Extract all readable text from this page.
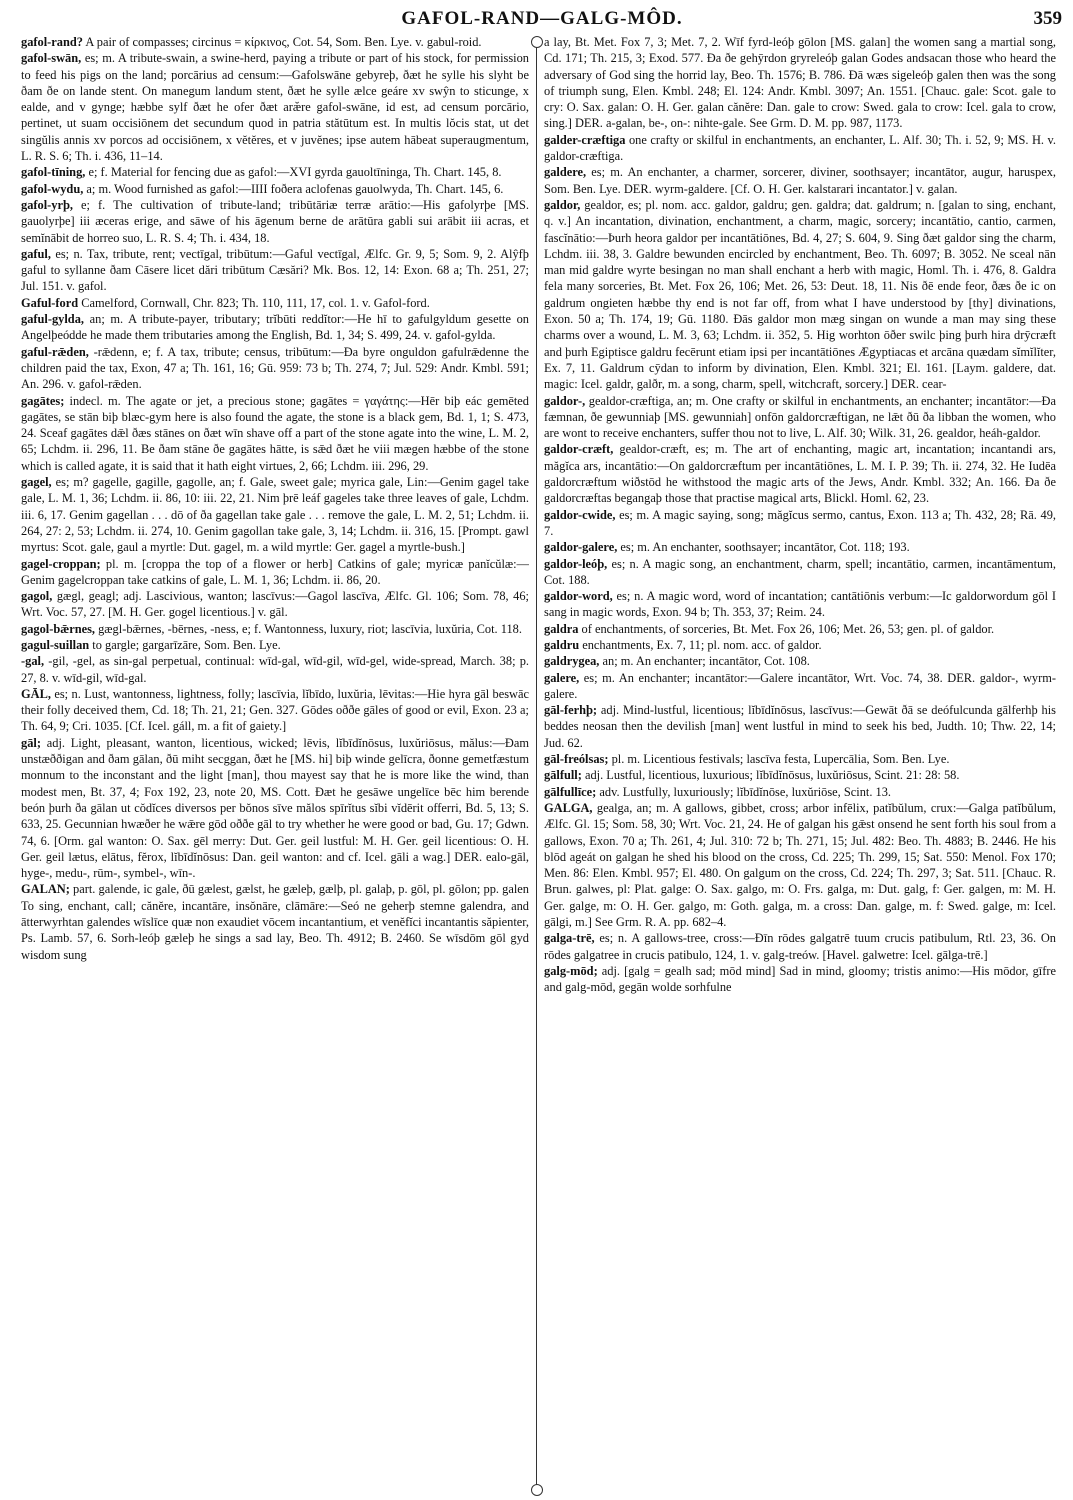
GAFOL-RAND—GALG-MÔD.	359

gafol-rand? A pair of compasses; circinus = κίρκινος, Cot. 54, Som. Ben. Lye. v. gabul-roid.

gafol-swān, es; m. A tribute-swain, a swine-herd, paying a tribute or part of his stock, for permission to feed his pigs on the land; porcārius ad censum:—Gafolswāne gebyreþ, ðæt he sylle his slyht be ðam ðe on lande stent. On manegum landum stent, ðæt he sylle ælce geáre xv swŷn to sticunge, x ealde, and v gynge; hæbbe sylf ðæt he ofer ðæt aræ̆re gafol-swāne, id est, ad censum porcārio, pertinet, ut suam occisiōnem det secundum quod in patria stătūtum est. In multis lŏcis stat, ut det singŭlis annis xv porcos ad occisiōnem, x vĕtĕres, et v juvĕnes; ipse autem hābeat superaugmentum, L. R. S. 6; Th. i. 436, 11–14.

gafol-tīning, e; f. Material for fencing due as gafol:—XVI gyrda gauoltīninga, Th. Chart. 145, 8.

gafol-wydu, a; m. Wood furnished as gafol:—IIII foðera aclofenas gauolwyda, Th. Chart. 145, 6.

gafol-yrþ, e; f. The cultivation of tribute-land; tribūtāriæ terræ arātio:—His gafolyrþe [MS. gauolyrþe] iii æceras erige, and sāwe of his āgenum berne de arātūra gabli sui arābit iii acras, et semĭnābit de horreo suo, L. R. S. 4; Th. i. 434, 18.

gaful, es; n. Tax, tribute, rent; vectīgal, tribūtum:—Gaful vectīgal, Ælfc. Gr. 9, 5; Som. 9, 2. Alŷfþ gaful to syllanne ðam Cāsere licet dări tribūtum Cæsări? Mk. Bos. 12, 14: Exon. 68 a; Th. 251, 27; Jul. 151. v. gafol.

Gaful-ford Camelford, Cornwall, Chr. 823; Th. 110, 111, 17, col. 1. v. Gafol-ford.

gaful-gylda, an; m. A tribute-payer, tributary; trĭbūti reddĭtor:—He hī to gafulgyldum gesette on Angelþeódde he made them tributaries among the English, Bd. 1, 34; S. 499, 24. v. gafol-gylda.

gaful-rǣden, -rǣdenn, e; f. A tax, tribute; census, tribūtum:—Ða byre onguldon gafulrǣdenne the children paid the tax, Exon, 47 a; Th. 161, 16; Gū. 959: 73 b; Th. 274, 7; Jul. 529: Andr. Kmbl. 591; An. 296. v. gafol-rǣden.

gagātes; indecl. m. The agate or jet, a precious stone; gagātes = γαγάτης:—Hēr biþ eác gemēted gagātes, se stān biþ blæc-gym here is also found the agate, the stone is a black gem, Bd. 1, 1; S. 473, 24. Sceaf gagātes dǣl ðæs stānes on ðæt wīn shave off a part of the stone agate into the wine, L. M. 2, 65; Lchdm. ii. 296, 11. Be ðam stāne ðe gagātes hātte, is sǣd ðæt he viii mægen hæbbe of the stone which is called agate, it is said that it hath eight virtues, 2, 66; Lchdm. iii. 296, 29.

gagel, es; m? gagelle, gagille, gagolle, an; f. Gale, sweet gale; myrica gale, Lin:—Genim gagel take gale, L. M. 1, 36; Lchdm. ii. 86, 10: iii. 22, 21. Nim þrē leáf gageles take three leaves of gale, Lchdm. iii. 6, 17. Genim gagellan . . . dō of ða gagellan take gale . . . remove the gale, L. M. 2, 51; Lchdm. ii. 264, 27: 2, 53; Lchdm. ii. 274, 10. Genim gagollan take gale, 3, 14; Lchdm. ii. 316, 15. [Prompt. gawl myrtus: Scot. gale, gaul a myrtle: Dut. gagel, m. a wild myrtle: Ger. gagel a myrtle-bush.]

gagel-croppan; pl. m. [croppa the top of a flower or herb] Catkins of gale; myricæ panĭcŭlæ:—Genim gagelcroppan take catkins of gale, L. M. 1, 36; Lchdm. ii. 86, 20.

gagol, gægl, geagl; adj. Lascivious, wanton; lascīvus:—Gagol lascīva, Ælfc. Gl. 106; Som. 78, 46; Wrt. Voc. 57, 27. [M. H. Ger. gogel licentious.] v. gāl.

gagol-bǣrnes, gægl-bǣrnes, -bērnes, -ness, e; f. Wantonness, luxury, riot; lascīvia, luxŭria, Cot. 118.

gagul-suillan to gargle; gargarīzāre, Som. Ben. Lye.

-gal, -gil, -gel, as sin-gal perpetual, continual: wīd-gal, wīd-gil, wīd-gel, wide-spread, March. 38; p. 27, 8. v. wīd-gil, wīd-gal.

GĀL, es; n. Lust, wantonness, lightness, folly; lascīvia, lĭbīdo, luxŭria, lēvitas:—Hie hyra gāl beswāc their folly deceived them, Cd. 18; Th. 21, 21; Gen. 327. Gōdes oððe gāles of good or evil, Exon. 23 a; Th. 64, 9; Cri. 1035. [Cf. Icel. gáll, m. a fit of gaiety.]

gāl; adj. Light, pleasant, wanton, licentious, wicked; lēvis, lĭbīdĭnōsus, luxŭriōsus, mălus:—Ðam unstæððigan and ðam gālan, ðū miht secggan, ðæt he [MS. hi] biþ winde gelīcra, ðonne gemetfæstum monnum to the inconstant and the light [man], thou mayest say that he is more like the wind, than modest men, Bt. 37, 4; Fox 192, 23, note 20, MS. Cott. Ðæt he gesāwe ungelīce bēc him berende beón þurh ða gālan ut cŏdĭces diversos per bŏnos sīve mălos spīrĭtus sĭbi vĭdērit offerri, Bd. 5, 13; S. 633, 25. Gecunnian hwæðer he wǣre gōd oððe gāl to try whether he were good or bad, Gu. 17; Gdwn. 74, 6. [Orm. gal wanton: O. Sax. gēl merry: Dut. Ger. geil lustful: M. H. Ger. geil licentious: O. H. Ger. geil lætus, elātus, fĕrox, lĭbīdĭnōsus: Dan. geil wanton: and cf. Icel. gāli a wag.] DER. ealo-gāl, hyge-, medu-, rūm-, symbel-, wīn-.

GALAN; part. galende, ic gale, ðū gælest, gælst, he gæleþ, gælþ, pl. galaþ, p. gōl, pl. gōlon; pp. galen To sing, enchant, call; cănĕre, incantāre, insŏnāre, clāmāre:—Seó ne geherþ stemne galendra, and ātterwyrhtan galendes wīslīce quæ non exaudiet vōcem incantantium, et venĕfĭci incantantis săpienter, Ps. Lamb. 57, 6. Sorh-leóþ gæleþ he sings a sad lay, Beo. Th. 4912; B. 2460. Se wīsdōm gōl gyd wisdom sung

a lay, Bt. Met. Fox 7, 3; Met. 7, 2. Wīf fyrd-leóþ gōlon [MS. galan] the women sang a martial song, Cd. 171; Th. 215, 3; Exod. 577. Ða ðe gehȳrdon gryreleóþ galan Godes andsacan those who heard the adversary of God sing the horrid lay, Beo. Th. 1576; B. 786. Ðā wæs sigeleóþ galen then was the song of triumph sung, Elen. Kmbl. 248; El. 124: Andr. Kmbl. 3097; An. 1551. [Chauc. gale: Scot. gale to cry: O. Sax. galan: O. H. Ger. galan cănĕre: Dan. gale to crow: Swed. gala to crow: Icel. gala to crow, sing.] DER. a-galan, be-, on-: nihte-gale. See Grm. D. M. pp. 987, 1173.

galder-cræftiga one crafty or skilful in enchantments, an enchanter, L. Alf. 30; Th. i. 52, 9; MS. H. v. galdor-cræftiga.

galdere, es; m. An enchanter, a charmer, sorcerer, diviner, soothsayer; incantātor, augur, haruspex, Som. Ben. Lye. DER. wyrm-galdere. [Cf. O. H. Ger. kalstarari incantator.] v. galan.

galdor, gealdor, es; pl. nom. acc. galdor, galdru; gen. galdra; dat. galdrum; n. [galan to sing, enchant, q. v.] An incantation, divination, enchantment, a charm, magic, sorcery; incantātio, cantio, carmen, fascĭnātio:—Þurh heora galdor per incantātiōnes, Bd. 4, 27; S. 604, 9. Sing ðæt galdor sing the charm, Lchdm. iii. 38, 3. Galdre bewunden encircled by enchantment, Beo. Th. 6097; B. 3052. Ne sceal nān man mid galdre wyrte besingan no man shall enchant a herb with magic, Homl. Th. i. 476, 8. Galdra fela many sorceries, Bt. Met. Fox 26, 106; Met. 26, 53: Deut. 18, 11. Nis ðē ende feor, ðæs ðe ic on galdrum ongieten hæbbe thy end is not far off, from what I have understood by [thy] divinations, Exon. 50 a; Th. 174, 19; Gū. 1180. Ðās galdor mon mæg singan on wunde a man may sing these charms over a wound, L. M. 3, 63; Lchdm. ii. 352, 5. Hig worhton ōðer swilc þing þurh hira drȳcræft and þurh Egiptisce galdru fecērunt etiam ipsi per incantātiōnes Ægyptiacas et arcāna quædam sĭmĭlĭter, Ex. 7, 11. Galdrum cȳdan to inform by divination, Elen. Kmbl. 321; El. 161. [Laym. galdere, dat. magic: Icel. galdr, galðr, m. a song, charm, spell, witchcraft, sorcery.] DER. cear-

galdor-, gealdor-cræftiga, an; m. One crafty or skilful in enchantments, an enchanter; incantātor:—Ða fæmnan, ðe gewunniaþ [MS. gewunniah] onfōn galdorcræftigan, ne lǣt ðū ða libban the women, who are wont to receive enchanters, suffer thou not to live, L. Alf. 30; Wilk. 31, 26. gealdor, heáh-galdor.

galdor-cræft, gealdor-cræft, es; m. The art of enchanting, magic art, incantation; incantandi ars, măgĭca ars, incantātio:—On galdorcræftum per incantātiōnes, L. M. I. P. 39; Th. ii. 274, 32. He Iudēa galdorcræftum wiðstōd he withstood the magic arts of the Jews, Andr. Kmbl. 332; An. 166. Ða ðe galdorcræftas begangaþ those that practise magical arts, Blickl. Homl. 62, 23.

galdor-cwide, es; m. A magic saying, song; măgĭcus sermo, cantus, Exon. 113 a; Th. 432, 28; Rā. 49, 7.

galdor-galere, es; m. An enchanter, soothsayer; incantātor, Cot. 118; 193.

galdor-leóþ, es; n. A magic song, an enchantment, charm, spell; incantātio, carmen, incantāmentum, Cot. 188.

galdor-word, es; n. A magic word, word of incantation; cantātiōnis verbum:—Ic galdorwordum gōl I sang in magic words, Exon. 94 b; Th. 353, 37; Reim. 24.

galdra of enchantments, of sorceries, Bt. Met. Fox 26, 106; Met. 26, 53; gen. pl. of galdor.

galdru enchantments, Ex. 7, 11; pl. nom. acc. of galdor.

galdrygea, an; m. An enchanter; incantātor, Cot. 108.

galere, es; m. An enchanter; incantātor:—Galere incantātor, Wrt. Voc. 74, 38. DER. galdor-, wyrm-galere.

gāl-ferhþ; adj. Mind-lustful, licentious; lĭbīdĭnōsus, lascīvus:—Gewāt ðā se deófulcunda gālferhþ his beddes neosan then the devilish [man] went lustful in mind to seek his bed, Judth. 10; Thw. 22, 14; Jud. 62.

gāl-freólsas; pl. m. Licentious festivals; lascīva festa, Lupercālia, Som. Ben. Lye.

gālfull; adj. Lustful, licentious, luxurious; lĭbīdĭnōsus, luxŭriōsus, Scint. 21: 28: 58.

gālfullīce; adv. Lustfully, luxuriously; lĭbīdĭnōse, luxŭriōse, Scint. 13.

GALGA, gealga, an; m. A gallows, gibbet, cross; arbor infēlix, patĭbŭlum, crux:—Galga patĭbŭlum, Ælfc. Gl. 15; Som. 58, 30; Wrt. Voc. 21, 24. He of galgan his gǣst onsend he sent forth his soul from a gallows, Exon. 70 a; Th. 261, 4; Jul. 310: 72 b; Th. 271, 15; Jul. 482: Beo. Th. 4883; B. 2446. He his blōd ageát on galgan he shed his blood on the cross, Cd. 225; Th. 299, 15; Sat. 550: Menol. Fox 170; Men. 86: Elen. Kmbl. 957; El. 480. On galgum on the cross, Cd. 224; Th. 297, 3; Sat. 511. [Chauc. R. Brun. galwes, pl: Plat. galge: O. Sax. galgo, m: O. Frs. galga, m: Dut. galg, f: Ger. galgen, m: M. H. Ger. galge, m: O. H. Ger. galgo, m: Goth. galga, m. a cross: Dan. galge, m. f: Swed. galge, m: Icel. gālgi, m.] See Grm. R. A. pp. 682–4.

galga-trē, es; n. A gallows-tree, cross:—Ðīn rōdes galgatrē tuum crucis patibulum, Rtl. 23, 36. On rōdes galgatree in crucis patibulo, 124, 1. v. galg-treów. [Havel. galwetre: Icel. gālga-trē.]

galg-mōd; adj. [galg = gealh sad; mōd mind] Sad in mind, gloomy; tristis animo:—His mōdor, gīfre and galg-mōd, gegān wolde sorhfulne
